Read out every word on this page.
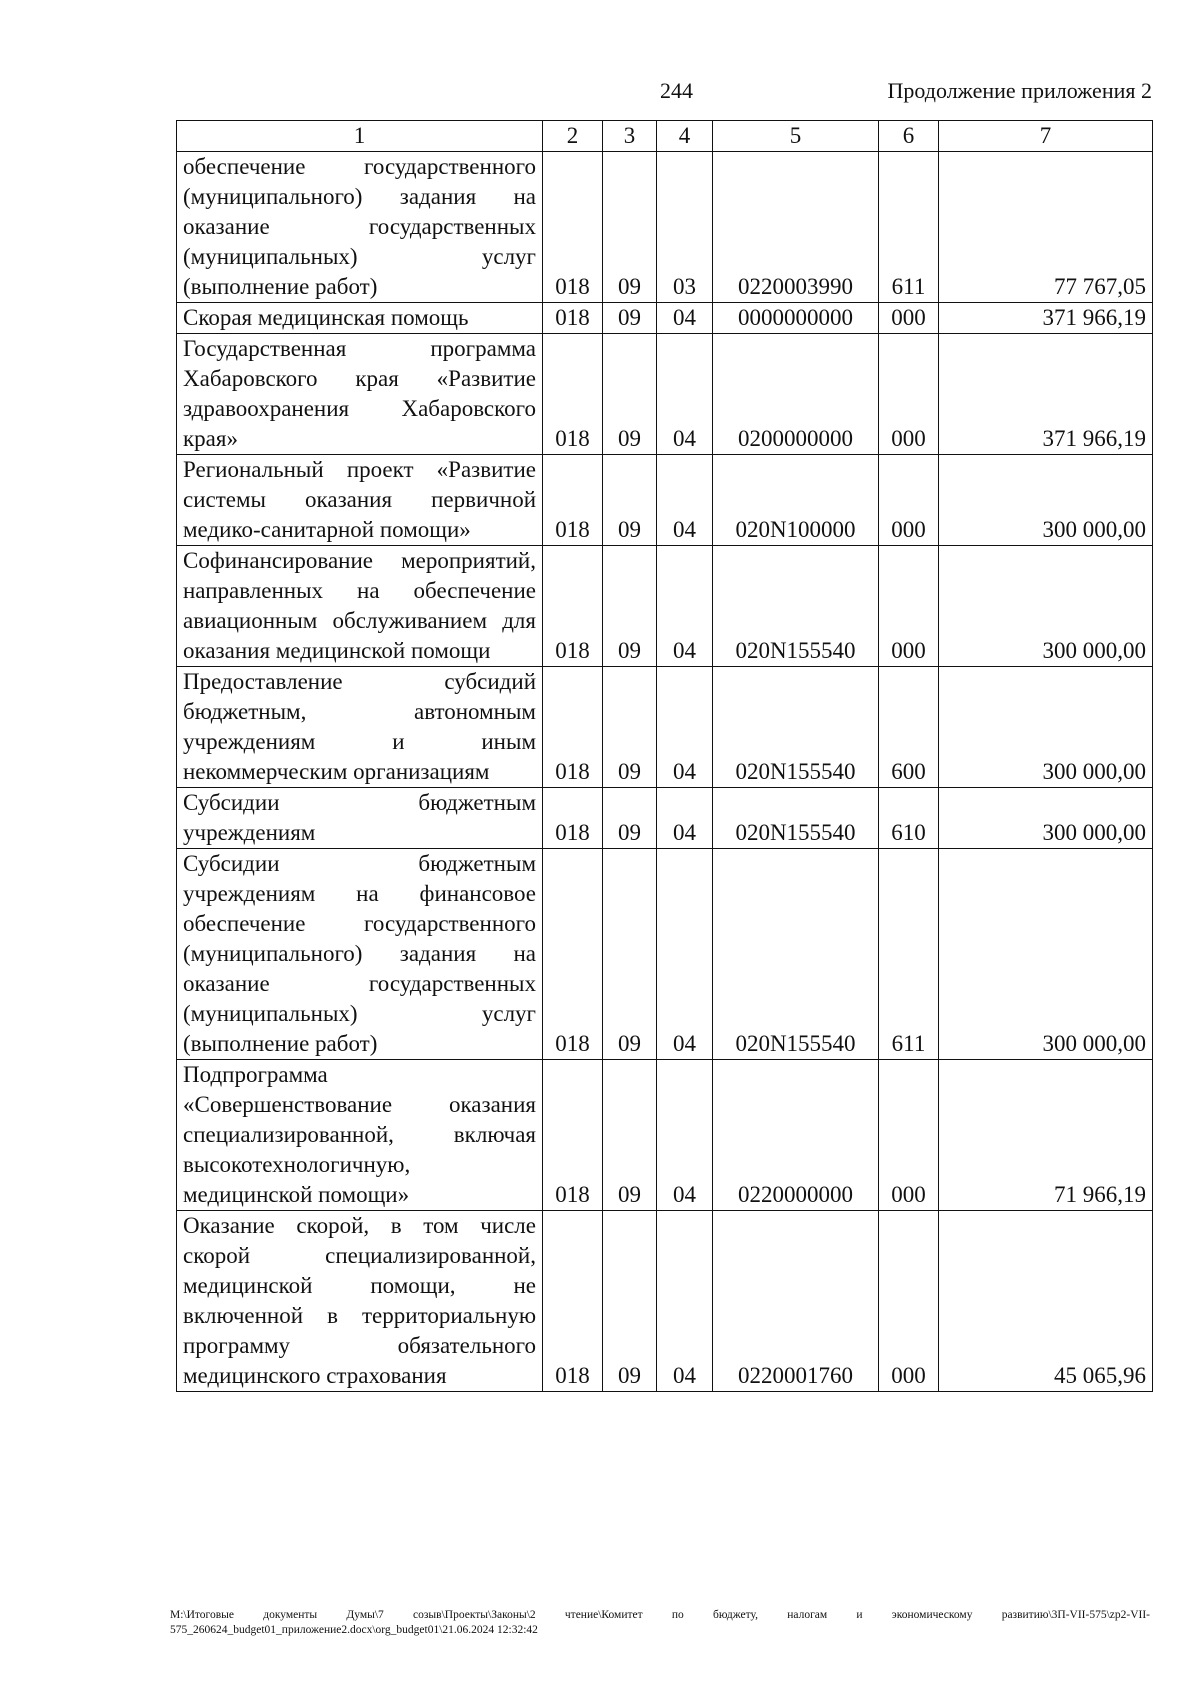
244	Продолжение приложения 2
1	2	3	4	5	6	7
обеспечение государственного (муниципального) задания на оказание государственных (муниципальных) услуг (выполнение работ)	018	09	03	0220003990	611	77 767,05
Скорая медицинская помощь	018	09	04	0000000000	000	371 966,19
Государственная программа Хабаровского края «Развитие здравоохранения Хабаровского края»	018	09	04	0200000000	000	371 966,19
Региональный проект «Развитие системы оказания первичной медико-санитарной помощи»	018	09	04	020N100000	000	300 000,00
Софинансирование мероприятий, направленных на обеспечение авиационным обслуживанием для оказания медицинской помощи	018	09	04	020N155540	000	300 000,00
Предоставление субсидий бюджетным, автономным учреждениям и иным некоммерческим организациям	018	09	04	020N155540	600	300 000,00
Субсидии бюджетным учреждениям	018	09	04	020N155540	610	300 000,00
Субсидии бюджетным учреждениям на финансовое обеспечение государственного (муниципального) задания на оказание государственных (муниципальных) услуг (выполнение работ)	018	09	04	020N155540	611	300 000,00
Подпрограмма «Совершенствование оказания специализированной, включая высокотехнологичную, медицинской помощи»	018	09	04	0220000000	000	71 966,19
Оказание скорой, в том числе скорой специализированной, медицинской помощи, не включенной в территориальную программу обязательного медицинского страхования	018	09	04	0220001760	000	45 065,96
M:\Итоговые документы Думы\7 созыв\Проекты\Законы\2 чтение\Комитет по бюджету, налогам и экономическому развитию\3П-VII-575\zp2-VII-575_260624_budget01_приложение2.docx\org_budget01\21.06.2024 12:32:42
